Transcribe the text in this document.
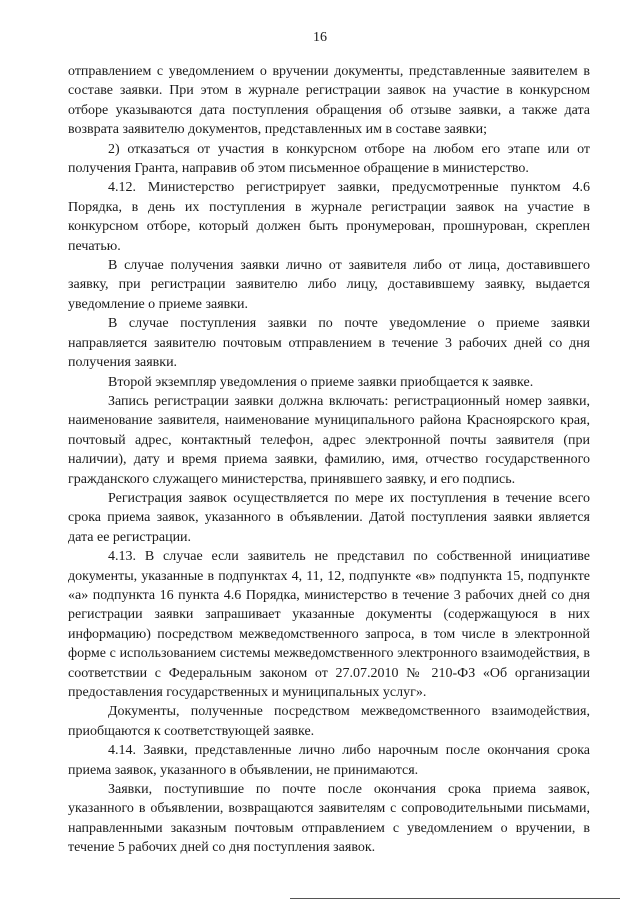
16

отправлением с уведомлением о вручении документы, представленные заявителем в составе заявки. При этом в журнале регистрации заявок на участие в конкурсном отборе указываются дата поступления обращения об отзыве заявки, а также дата возврата заявителю документов, представленных им в составе заявки;

2) отказаться от участия в конкурсном отборе на любом его этапе или от получения Гранта, направив об этом письменное обращение в министерство.

4.12. Министерство регистрирует заявки, предусмотренные пунктом 4.6 Порядка, в день их поступления в журнале регистрации заявок на участие в конкурсном отборе, который должен быть пронумерован, прошнурован, скреплен печатью.

В случае получения заявки лично от заявителя либо от лица, доставившего заявку, при регистрации заявителю либо лицу, доставившему заявку, выдается уведомление о приеме заявки.

В случае поступления заявки по почте уведомление о приеме заявки направляется заявителю почтовым отправлением в течение 3 рабочих дней со дня получения заявки.

Второй экземпляр уведомления о приеме заявки приобщается к заявке.

Запись регистрации заявки должна включать: регистрационный номер заявки, наименование заявителя, наименование муниципального района Красноярского края, почтовый адрес, контактный телефон, адрес электронной почты заявителя (при наличии), дату и время приема заявки, фамилию, имя, отчество государственного гражданского служащего министерства, принявшего заявку, и его подпись.

Регистрация заявок осуществляется по мере их поступления в течение всего срока приема заявок, указанного в объявлении. Датой поступления заявки является дата ее регистрации.

4.13. В случае если заявитель не представил по собственной инициативе документы, указанные в подпунктах 4, 11, 12, подпункте «в» подпункта 15, подпункте «а» подпункта 16 пункта 4.6 Порядка, министерство в течение 3 рабочих дней со дня регистрации заявки запрашивает указанные документы (содержащуюся в них информацию) посредством межведомственного запроса, в том числе в электронной форме с использованием системы межведомственного электронного взаимодействия, в соответствии с Федеральным законом от 27.07.2010 № 210-ФЗ «Об организации предоставления государственных и муниципальных услуг».

Документы, полученные посредством межведомственного взаимодействия, приобщаются к соответствующей заявке.

4.14. Заявки, представленные лично либо нарочным после окончания срока приема заявок, указанного в объявлении, не принимаются.

Заявки, поступившие по почте после окончания срока приема заявок, указанного в объявлении, возвращаются заявителям с сопроводительными письмами, направленными заказным почтовым отправлением с уведомлением о вручении, в течение 5 рабочих дней со дня поступления заявок.
